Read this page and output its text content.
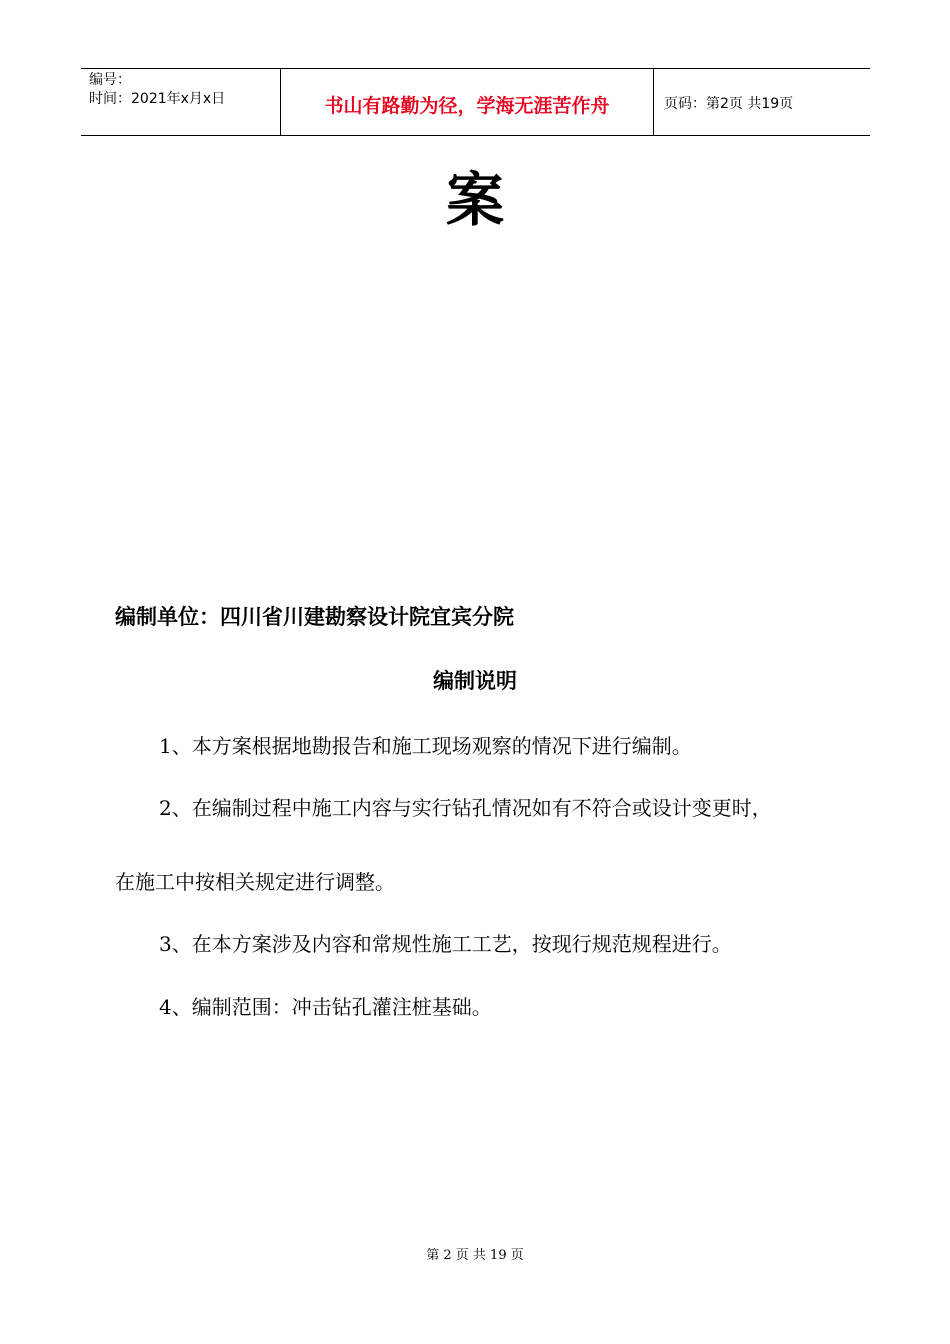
编号：
时间：2021年x月x日	书山有路勤为径，学海无涯苦作舟	页码：第2页 共19页
案
编制单位：四川省川建勘察设计院宜宾分院
编制说明
1、本方案根据地勘报告和施工现场观察的情况下进行编制。
2、在编制过程中施工内容与实行钻孔情况如有不符合或设计变更时，
在施工中按相关规定进行调整。
3、在本方案涉及内容和常规性施工工艺，按现行规范规程进行。
4、编制范围：冲击钻孔灌注桩基础。
第 2 页 共 19 页
